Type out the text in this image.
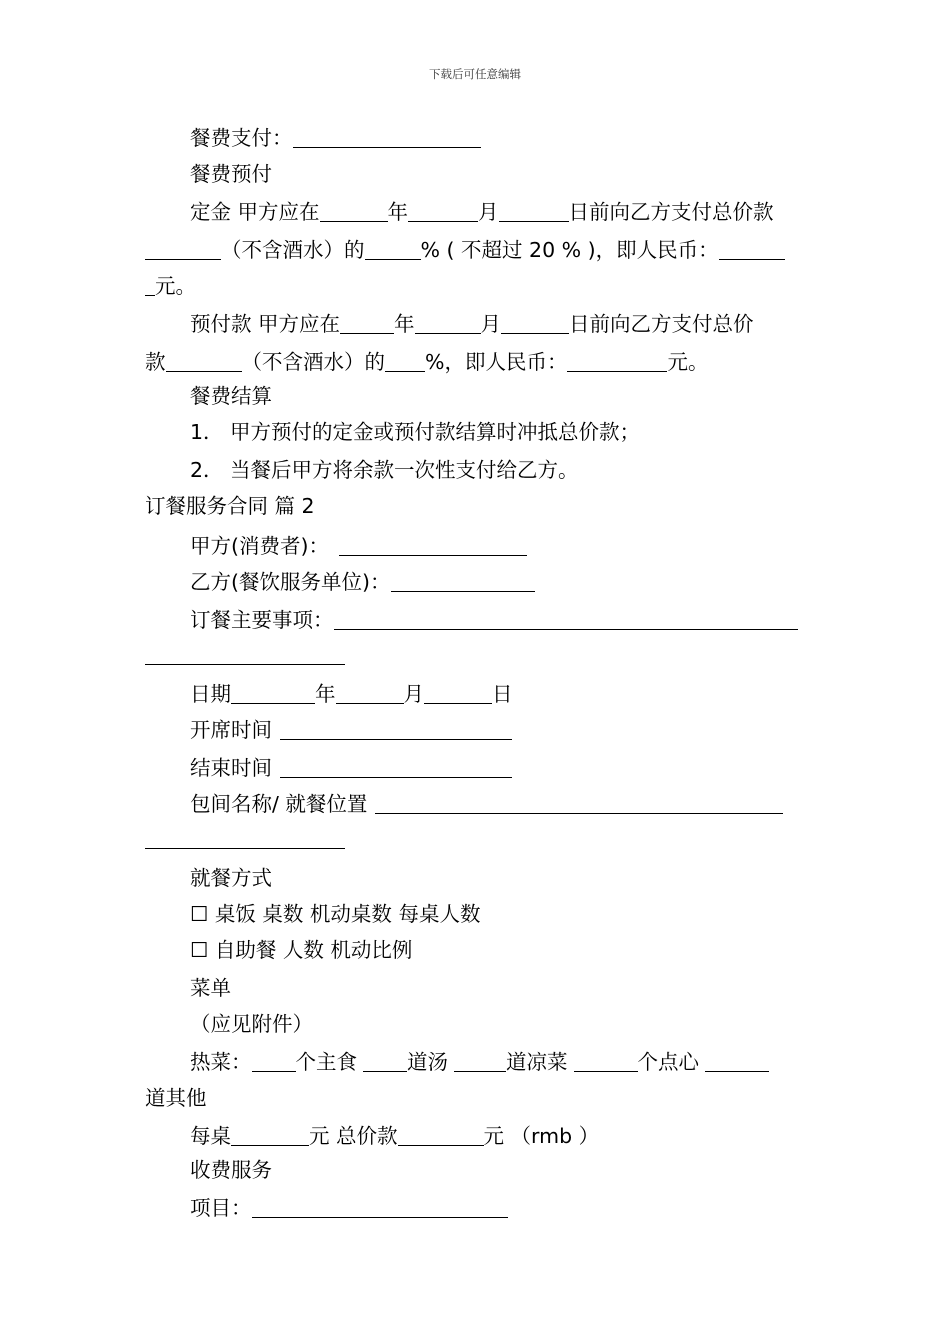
下载后可任意编辑
餐费支付：
餐费预付
定金 甲方应在	年	月	日前向乙方支付总价款
（不含酒水）的	% ( 不超过 20 % )，即人民币：
元。
预付款 甲方应在	年	月	日前向乙方支付总价
款	（不含酒水）的 %，即人民币：	元。
餐费结算
1． 甲方预付的定金或预付款结算时冲抵总价款；
2． 当餐后甲方将余款一次性支付给乙方。
订餐服务合同 篇 2
甲方(消费者)：
乙方(餐饮服务单位)：
订餐主要事项：
日期	年	月	日
开席时间
结束时间
包间名称/ 就餐位置
就餐方式
☐ 桌饭 桌数 机动桌数 每桌人数
☐ 自助餐 人数 机动比例
菜单
（应见附件）
热菜： 个主食 道汤	道凉菜	个点心
道其他
每桌	元 总价款	元 （rmb ）
收费服务
项目：
